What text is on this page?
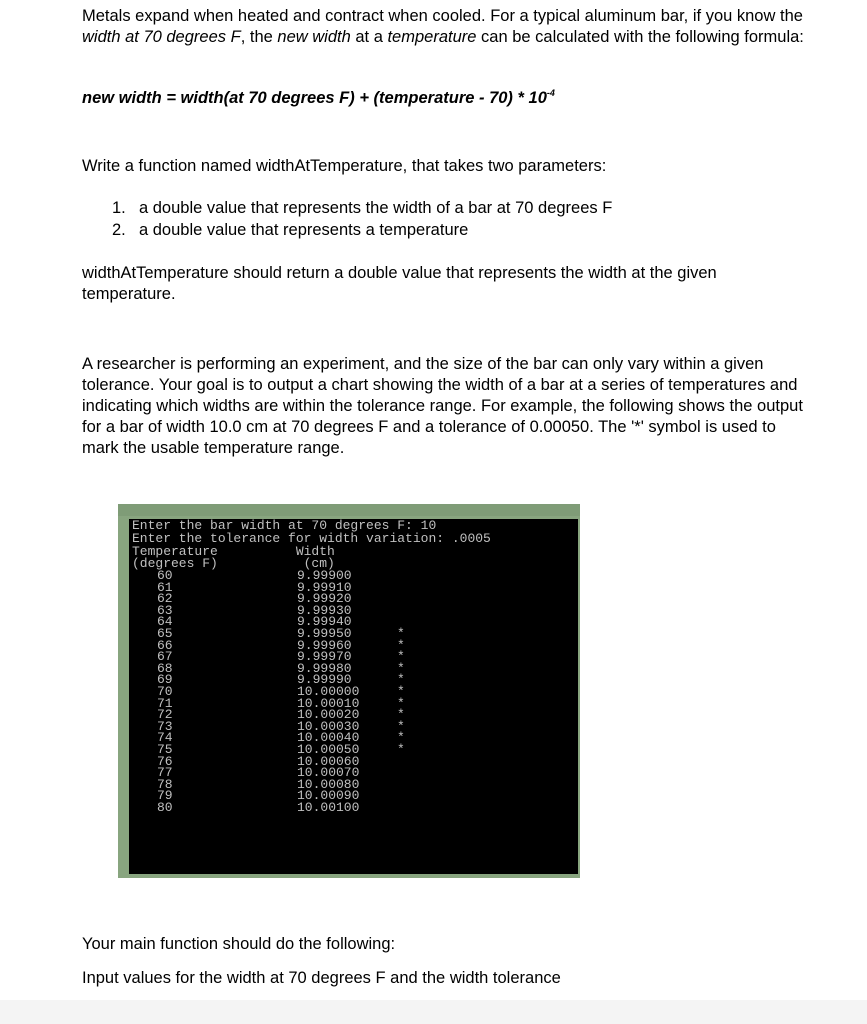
Metals expand when heated and contract when cooled. For a typical aluminum bar, if you know the width at 70 degrees F, the new width at a temperature can be calculated with the following formula:

new width = width(at 70 degrees F) + (temperature - $70) * 10^{-4}$

Write a function named widthAtTemperature, that takes two parameters:

1. a double value that represents the width of a bar at 70 degrees F
2. a double value that represents a temperature

widthAtTemperature should return a double value that represents the width at the given temperature.

A researcher is performing an experiment, and the size of the bar can only vary within a given tolerance. Your goal is to output a chart showing the width of a bar at a series of temperatures and indicating which widths are within the tolerance range. For example, the following shows the output for a bar of width 10.0 cm at 70 degrees F and a tolerance of 0.00050. The '*' symbol is used to mark the usable temperature range.

Your main function should do the following:

Input values for the width at 70 degrees F and the width tolerance

Enter the bar width at 70 degrees F: 10
Enter the tolerance for width variation: .0005
Temperature          Width
(degrees F)           (cm)
60	9.99900
61	9.99910
62	9.99920
63	9.99930
64	9.99940
65	9.99950	*
66	9.99960	*
67	9.99970	*
68	9.99980	*
69	9.99990	*
70	10.00000	*
71	10.00010	*
72	10.00020	*
73	10.00030	*
74	10.00040	*
75	10.00050	*
76	10.00060
77	10.00070
78	10.00080
79	10.00090
80	10.00100
